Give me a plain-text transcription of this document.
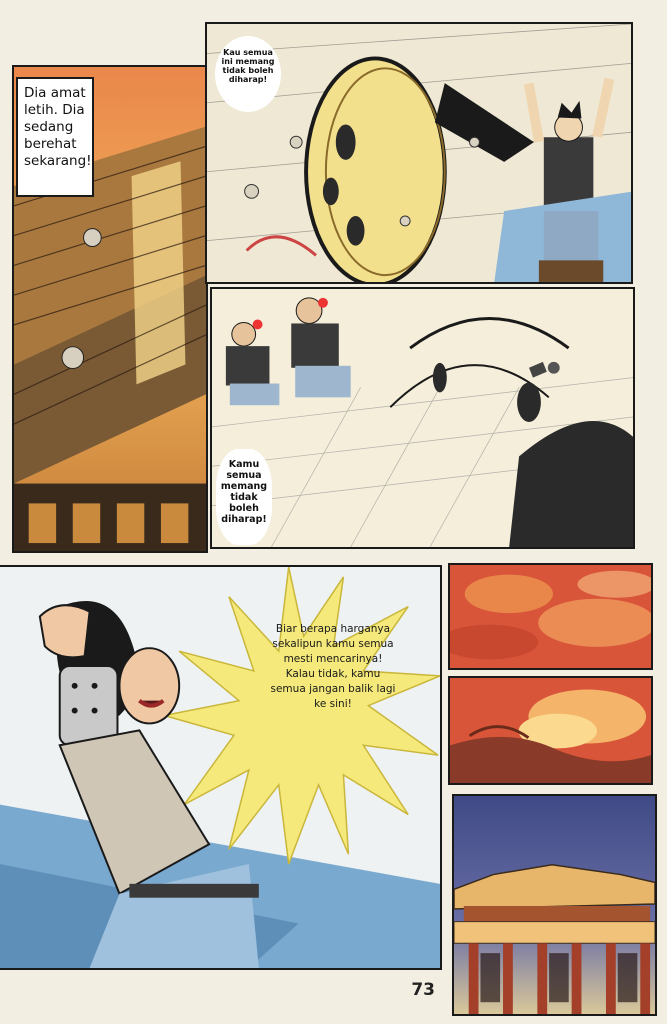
Dia amat letih. Dia sedang berehat sekarang!
Kau semua ini memang tidak boleh diharap!
Kamu semua memang tidak boleh diharap!
Biar berapa harganya sekalipun kamu semua mesti mencarinya! Kalau tidak, kamu semua jangan balik lagi ke sini!
73
